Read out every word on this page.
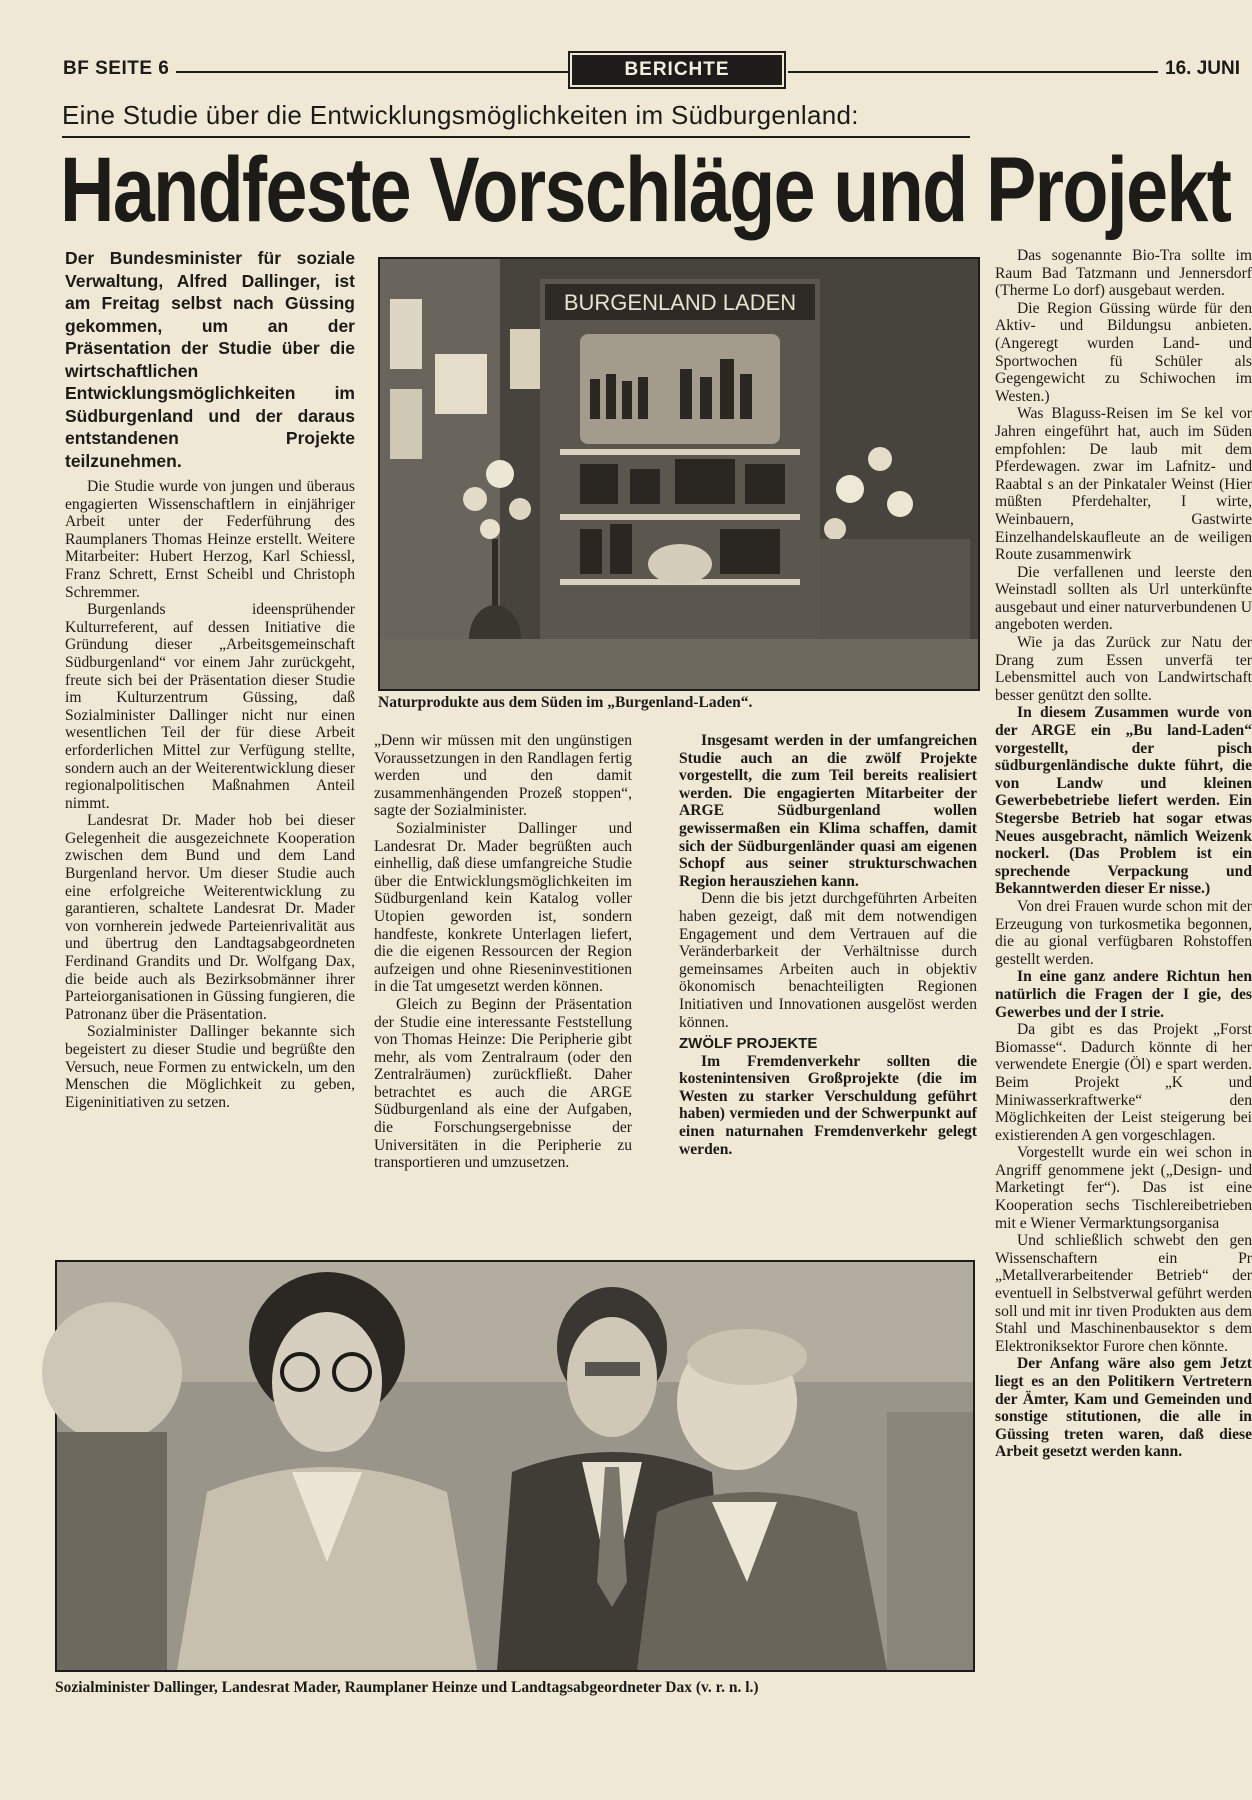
BF SEITE 6	BERICHTE	16. JUNI
Eine Studie über die Entwicklungsmöglichkeiten im Südburgenland:
Handfeste Vorschläge und Projekt

Der Bundesminister für soziale Verwaltung, Alfred Dallinger, ist am Freitag selbst nach Güssing gekommen, um an der Präsentation der Studie über die wirtschaftlichen Entwicklungsmöglichkeiten im Südburgenland und der daraus entstandenen Projekte teilzunehmen.

Die Studie wurde von jungen und überaus engagierten Wissenschaftlern in einjähriger Arbeit unter der Federführung des Raumplaners Thomas Heinze erstellt. Weitere Mitarbeiter: Hubert Herzog, Karl Schiessl, Franz Schrett, Ernst Scheibl und Christoph Schremmer.

Burgenlands ideensprühender Kulturreferent, auf dessen Initiative die Gründung dieser „Arbeitsgemeinschaft Südburgenland“ vor einem Jahr zurückgeht, freute sich bei der Präsentation dieser Studie im Kulturzentrum Güssing, daß Sozialminister Dallinger nicht nur einen wesentlichen Teil der für diese Arbeit erforderlichen Mittel zur Verfügung stellte, sondern auch an der Weiterentwicklung dieser regionalpolitischen Maßnahmen Anteil nimmt.

Landesrat Dr. Mader hob bei dieser Gelegenheit die ausgezeichnete Kooperation zwischen dem Bund und dem Land Burgenland hervor. Um dieser Studie auch eine erfolgreiche Weiterentwicklung zu garantieren, schaltete Landesrat Dr. Mader von vornherein jedwede Parteienrivalität aus und übertrug den Landtagsabgeordneten Ferdinand Grandits und Dr. Wolfgang Dax, die beide auch als Bezirksobmänner ihrer Parteiorganisationen in Güssing fungieren, die Patronanz über die Präsentation.

Sozialminister Dallinger bekannte sich begeistert zu dieser Studie und begrüßte den Versuch, neue Formen zu entwickeln, um den Menschen die Möglichkeit zu geben, Eigeninitiativen zu setzen.

BURGENLAND LADEN
Naturprodukte aus dem Süden im „Burgenland-Laden“.

„Denn wir müssen mit den ungünstigen Voraussetzungen in den Randlagen fertig werden und den damit zusammenhängenden Prozeß stoppen“, sagte der Sozialminister.

Sozialminister Dallinger und Landesrat Dr. Mader begrüßten auch einhellig, daß diese umfangreiche Studie über die Entwicklungsmöglichkeiten im Südburgenland kein Katalog voller Utopien geworden ist, sondern handfeste, konkrete Unterlagen liefert, die die eigenen Ressourcen der Region aufzeigen und ohne Rieseninvestitionen in die Tat umgesetzt werden können.

Gleich zu Beginn der Präsentation der Studie eine interessante Feststellung von Thomas Heinze: Die Peripherie gibt mehr, als vom Zentralraum (oder den Zentralräumen) zurückfließt. Daher betrachtet es auch die ARGE Südburgenland als eine der Aufgaben, die Forschungsergebnisse der Universitäten in die Peripherie zu transportieren und umzusetzen.

Insgesamt werden in der umfangreichen Studie auch an die zwölf Projekte vorgestellt, die zum Teil bereits realisiert werden. Die engagierten Mitarbeiter der ARGE Südburgenland wollen gewissermaßen ein Klima schaffen, damit sich der Südburgenländer quasi am eigenen Schopf aus seiner strukturschwachen Region herausziehen kann.

Denn die bis jetzt durchgeführten Arbeiten haben gezeigt, daß mit dem notwendigen Engagement und dem Vertrauen auf die Veränderbarkeit der Verhältnisse durch gemeinsames Arbeiten auch in objektiv ökonomisch benachteiligten Regionen Initiativen und Innovationen ausgelöst werden können.

ZWÖLF PROJEKTE

Im Fremdenverkehr sollten die kostenintensiven Großprojekte (die im Westen zu starker Verschuldung geführt haben) vermieden und der Schwerpunkt auf einen naturnahen Fremdenverkehr gelegt werden.

Das sogenannte Bio-Tra sollte im Raum Bad Tatzmann und Jennersdorf (Therme Lo dorf) ausgebaut werden.

Die Region Güssing würde für den Aktiv- und Bildungsu anbieten. (Angeregt wurden Land- und Sportwochen fü Schüler als Gegengewicht zu Schiwochen im Westen.)

Was Blaguss-Reisen im Se kel vor Jahren eingeführt hat, auch im Süden empfohlen: De laub mit dem Pferdewagen. zwar im Lafnitz- und Raabtal s an der Pinkataler Weinst (Hier müßten Pferdehalter, I wirte, Weinbauern, Gastwirte Einzelhandelskaufleute an de weiligen Route zusammenwirk

Die verfallenen und leerste den Weinstadl sollten als Url unterkünfte ausgebaut und einer naturverbundenen U angeboten werden.

Wie ja das Zurück zur Natu der Drang zum Essen unverfä ter Lebensmittel auch von Landwirtschaft besser genützt den sollte.

In diesem Zusammen wurde von der ARGE ein „Bu land-Laden“ vorgestellt, der pisch südburgenländische dukte führt, die von Landw und kleinen Gewerbebetriebe liefert werden. Ein Stegersbe Betrieb hat sogar etwas Neues ausgebracht, nämlich Weizenk nockerl. (Das Problem ist ein sprechende Verpackung und Bekanntwerden dieser Er nisse.)

Von drei Frauen wurde schon mit der Erzeugung von turkosmetika begonnen, die au gional verfügbaren Rohstoffen gestellt werden.

In eine ganz andere Richtun hen natürlich die Fragen der I gie, des Gewerbes und der I strie.

Da gibt es das Projekt „Forst Biomasse“. Dadurch könnte di her verwendete Energie (Öl) e spart werden. Beim Projekt „K und Miniwasserkraftwerke“ den Möglichkeiten der Leist steigerung bei existierenden A gen vorgeschlagen.

Vorgestellt wurde ein wei schon in Angriff genommene jekt („Design- und Marketingt fer“). Das ist eine Kooperation sechs Tischlereibetrieben mit e Wiener Vermarktungsorganisa

Und schließlich schwebt den gen Wissenschaftern ein Pr „Metallverarbeitender Betrieb“ der eventuell in Selbstverwal geführt werden soll und mit inr tiven Produkten aus dem Stahl und Maschinenbausektor s dem Elektroniksektor Furore chen könnte.

Der Anfang wäre also gem Jetzt liegt es an den Politikern Vertretern der Ämter, Kam und Gemeinden und sonstige stitutionen, die alle in Güssing treten waren, daß diese Arbeit gesetzt werden kann.

Sozialminister Dallinger, Landesrat Mader, Raumplaner Heinze und Landtagsabgeordneter Dax (v. r. n. l.)
